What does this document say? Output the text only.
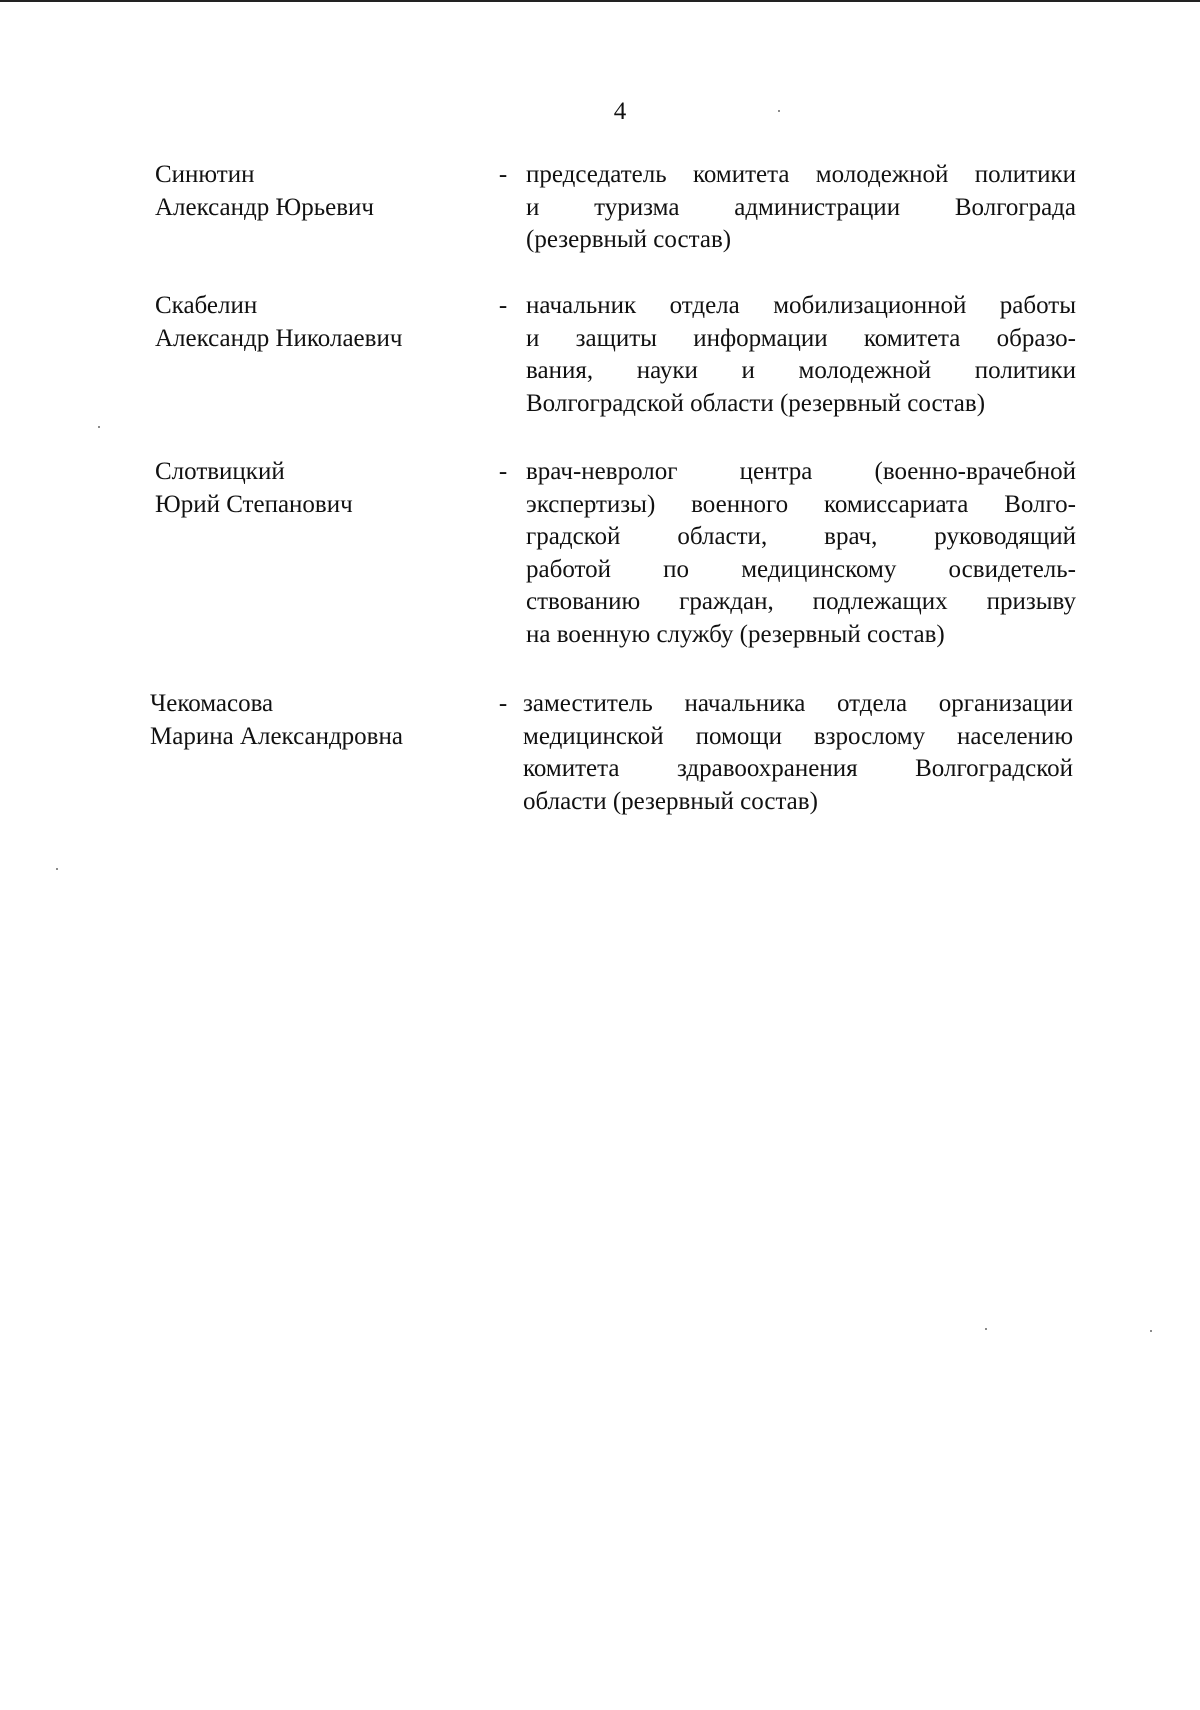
4
Синютин
Александр Юрьевич
- председатель комитета молодежной политики
и туризма администрации Волгограда
(резервный состав)
Скабелин
Александр Николаевич
- начальник отдела мобилизационной работы
и защиты информации комитета образо-
вания, науки и молодежной политики
Волгоградской области (резервный состав)
Слотвицкий
Юрий Степанович
- врач-невролог центра (военно-врачебной
экспертизы) военного комиссариата Волго-
градской области, врач, руководящий
работой по медицинскому освидетель-
ствованию граждан, подлежащих призыву
на военную службу (резервный состав)
Чекомасова
Марина Александровна
- заместитель начальника отдела организации
медицинской помощи взрослому населению
комитета здравоохранения Волгоградской
области (резервный состав)
